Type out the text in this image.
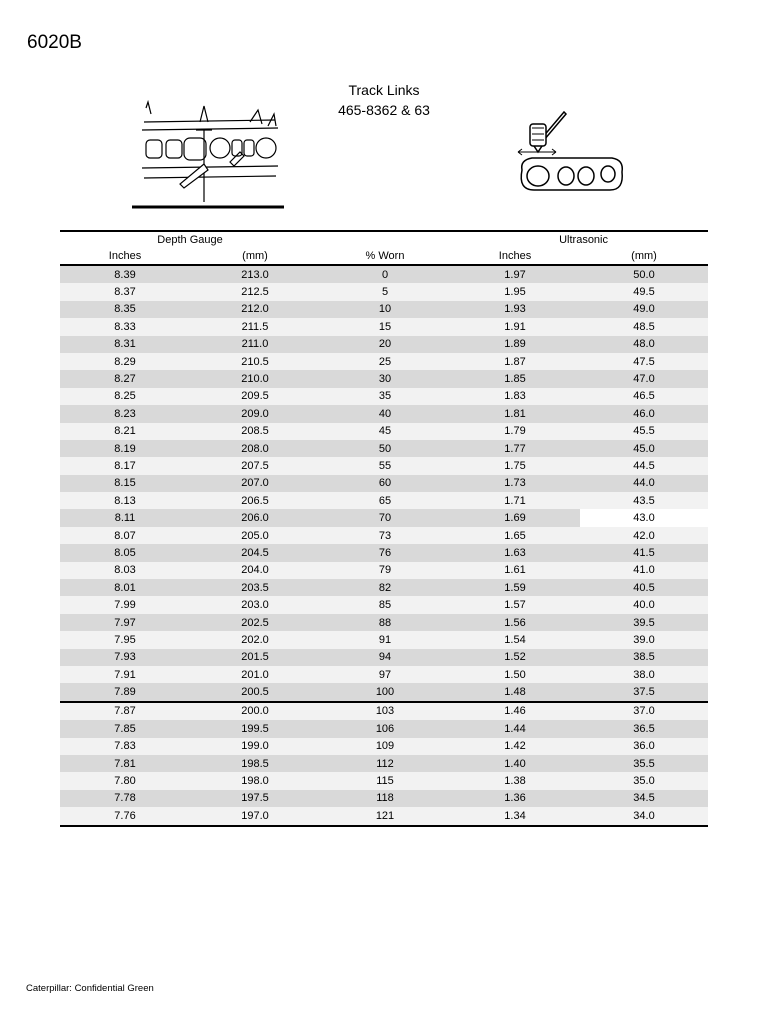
6020B
Track Links
465-8362 & 63
Depth Gauge			Ultrasonic	
Inches	(mm)	% Worn	Inches	(mm)
8.39	213.0	0	1.97	50.0
8.37	212.5	5	1.95	49.5
8.35	212.0	10	1.93	49.0
8.33	211.5	15	1.91	48.5
8.31	211.0	20	1.89	48.0
8.29	210.5	25	1.87	47.5
8.27	210.0	30	1.85	47.0
8.25	209.5	35	1.83	46.5
8.23	209.0	40	1.81	46.0
8.21	208.5	45	1.79	45.5
8.19	208.0	50	1.77	45.0
8.17	207.5	55	1.75	44.5
8.15	207.0	60	1.73	44.0
8.13	206.5	65	1.71	43.5
8.11	206.0	70	1.69	43.0
8.07	205.0	73	1.65	42.0
8.05	204.5	76	1.63	41.5
8.03	204.0	79	1.61	41.0
8.01	203.5	82	1.59	40.5
7.99	203.0	85	1.57	40.0
7.97	202.5	88	1.56	39.5
7.95	202.0	91	1.54	39.0
7.93	201.5	94	1.52	38.5
7.91	201.0	97	1.50	38.0
7.89	200.5	100	1.48	37.5
7.87	200.0	103	1.46	37.0
7.85	199.5	106	1.44	36.5
7.83	199.0	109	1.42	36.0
7.81	198.5	112	1.40	35.5
7.80	198.0	115	1.38	35.0
7.78	197.5	118	1.36	34.5
7.76	197.0	121	1.34	34.0
Caterpillar: Confidential Green
